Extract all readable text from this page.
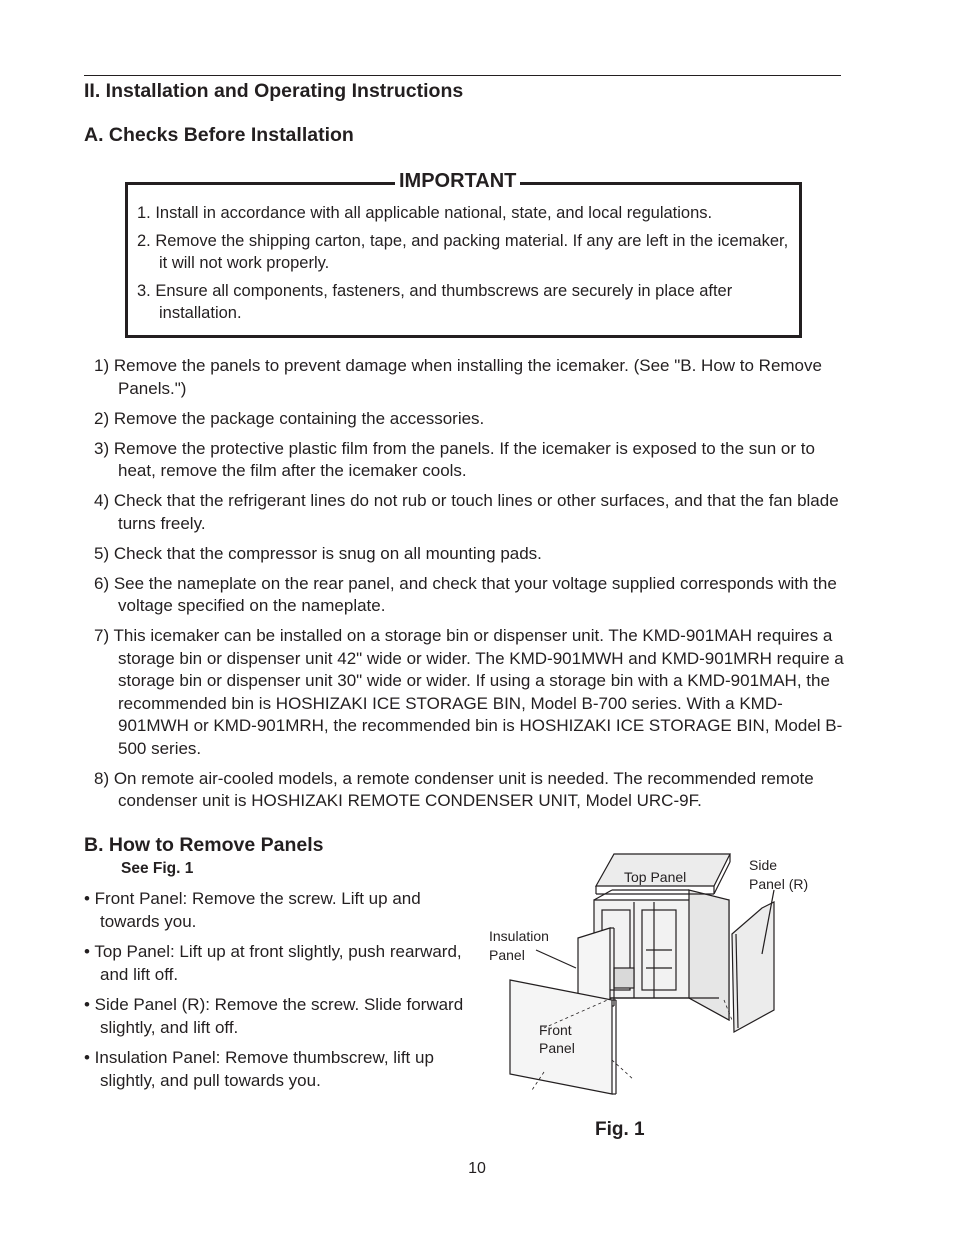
II. Installation and Operating Instructions
A. Checks Before Installation
IMPORTANT
1. Install in accordance with all applicable national, state, and local regulations.
2. Remove the shipping carton, tape, and packing material. If any are left in the icemaker, it will not work properly.
3. Ensure all components, fasteners, and thumbscrews are securely in place after installation.
1) Remove the panels to prevent damage when installing the icemaker. (See "B. How to Remove Panels.")
2) Remove the package containing the accessories.
3) Remove the protective plastic film from the panels. If the icemaker is exposed to the sun or to heat, remove the film after the icemaker cools.
4) Check that the refrigerant lines do not rub or touch lines or other surfaces, and that the fan blade turns freely.
5) Check that the compressor is snug on all mounting pads.
6) See the nameplate on the rear panel, and check that your voltage supplied corresponds with the voltage specified on the nameplate.
7) This icemaker can be installed on a storage bin or dispenser unit. The KMD-901MAH requires a storage bin or dispenser unit 42" wide or wider. The KMD-901MWH and KMD-901MRH require a storage bin or dispenser unit 30" wide or wider. If using a storage bin with a KMD-901MAH, the recommended bin is HOSHIZAKI ICE STORAGE BIN, Model B-700 series. With a KMD-901MWH or KMD-901MRH, the recommended bin is HOSHIZAKI ICE STORAGE BIN, Model B-500 series.
8) On remote air-cooled models, a remote condenser unit is needed. The recommended remote condenser unit is HOSHIZAKI REMOTE CONDENSER UNIT, Model URC-9F.
B. How to Remove Panels
See Fig. 1
• Front Panel: Remove the screw. Lift up and towards you.
• Top Panel: Lift up at front slightly, push rearward, and lift off.
• Side Panel (R): Remove the screw. Slide forward slightly, and lift off.
• Insulation Panel: Remove thumbscrew, lift up slightly, and pull towards you.
Top Panel
Side
Panel (R)
Insulation
Panel
Front
Panel
Fig. 1
10
